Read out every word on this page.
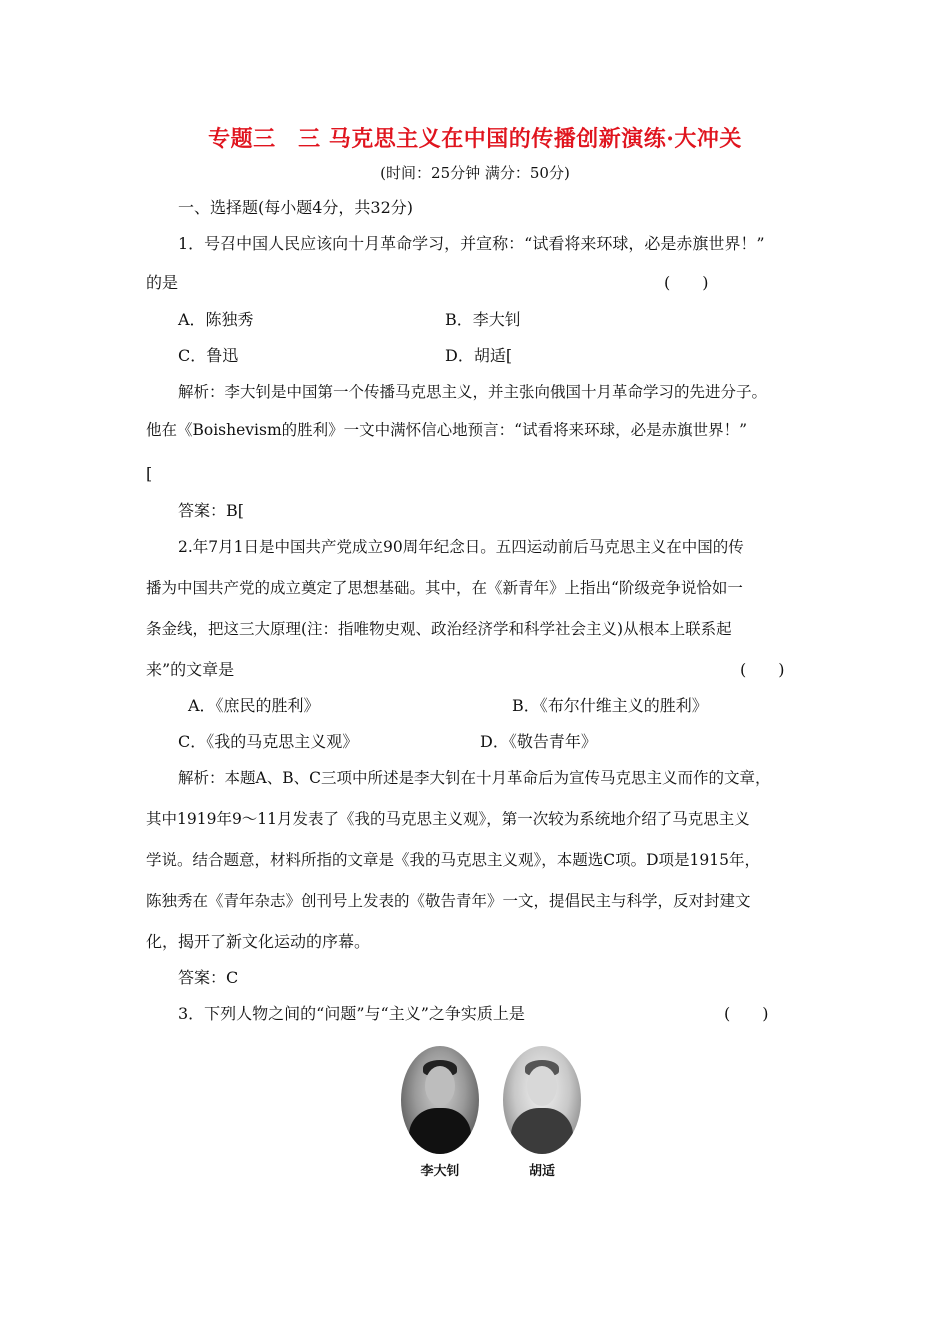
专题三　三 马克思主义在中国的传播创新演练·大冲关
(时间：25分钟 满分：50分)
一、选择题(每小题4分，共32分)
1．号召中国人民应该向十月革命学习，并宣称：“试看将来环球，必是赤旗世界！”
的是	(　　)
A．陈独秀	B．李大钊
C．鲁迅	D．胡适[
解析：李大钊是中国第一个传播马克思主义，并主张向俄国十月革命学习的先进分子。
他在《Boishevism的胜利》一文中满怀信心地预言：“试看将来环球，必是赤旗世界！”
[
答案：B[
2.年7月1日是中国共产党成立90周年纪念日。五四运动前后马克思主义在中国的传
播为中国共产党的成立奠定了思想基础。其中，在《新青年》上指出“阶级竞争说恰如一
条金线，把这三大原理(注：指唯物史观、政治经济学和科学社会主义)从根本上联系起
来”的文章是	(　　)
A．《庶民的胜利》	B．《布尔什维主义的胜利》
C．《我的马克思主义观》	D．《敬告青年》
解析：本题A、B、C三项中所述是李大钊在十月革命后为宣传马克思主义而作的文章，
其中1919年9～11月发表了《我的马克思主义观》，第一次较为系统地介绍了马克思主义
学说。结合题意，材料所指的文章是《我的马克思主义观》，本题选C项。D项是1915年，
陈独秀在《青年杂志》创刊号上发表的《敬告青年》一文，提倡民主与科学，反对封建文
化，揭开了新文化运动的序幕。
答案：C
3．下列人物之间的“问题”与“主义”之争实质上是	(　　)
李大钊	胡适
